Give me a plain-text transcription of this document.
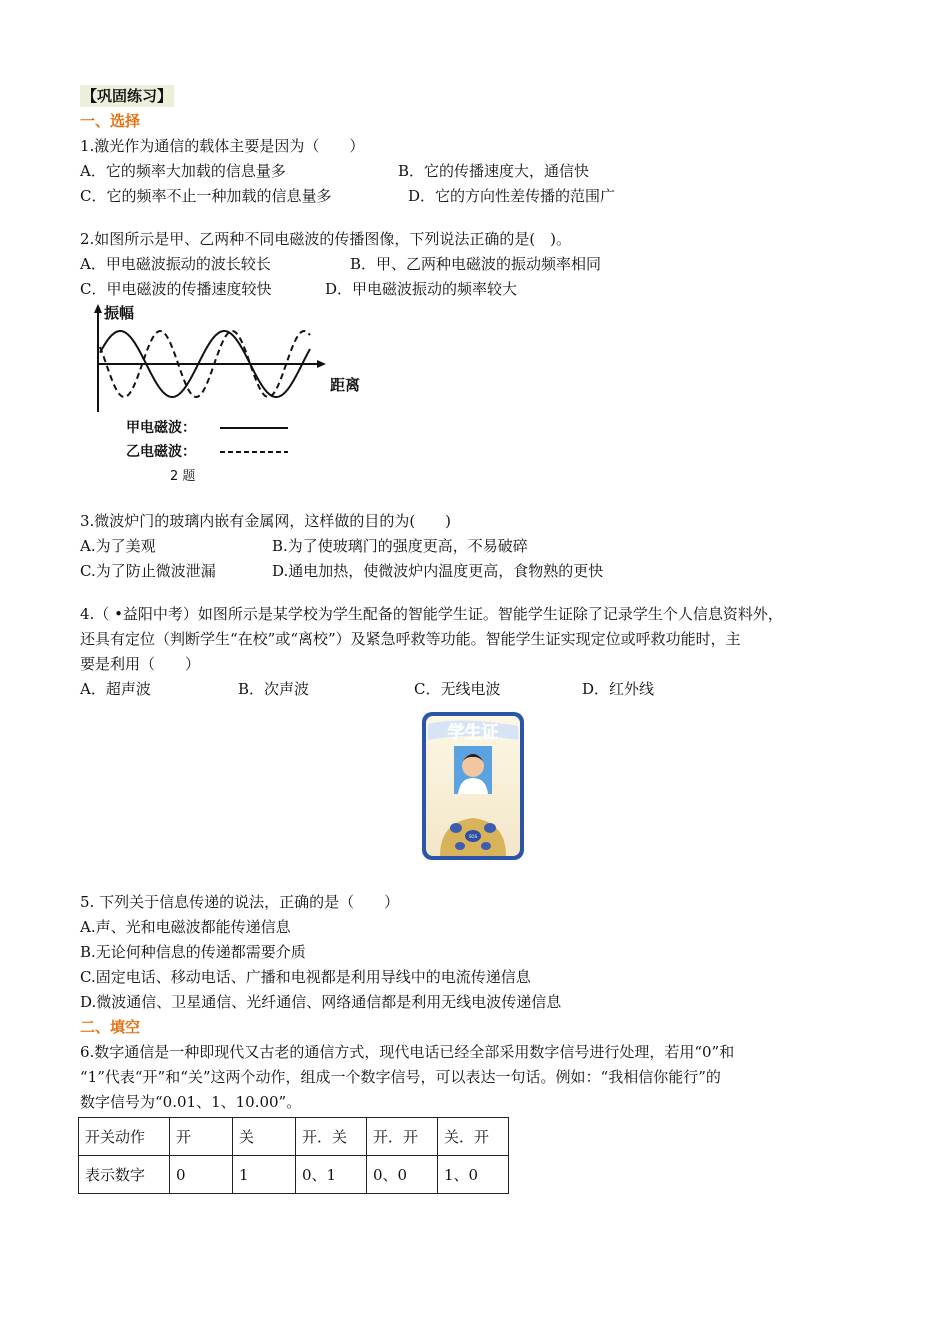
【巩固练习】
一、选择
1.激光作为通信的载体主要是因为（　　）
A．它的频率大加载的信息量多	B．它的传播速度大，通信快
C．它的频率不止一种加载的信息量多	D．它的方向性差传播的范围广
2.如图所示是甲、乙两种不同电磁波的传播图像，下列说法正确的是(　)。
A．甲电磁波振动的波长较长	B．甲、乙两种电磁波的振动频率相同
C．甲电磁波的传播速度较快	D．甲电磁波振动的频率较大
振幅
距离
甲电磁波：
乙电磁波：
2 题
3.微波炉门的玻璃内嵌有金属网，这样做的目的为(　　)
A.为了美观	B.为了使玻璃门的强度更高，不易破碎
C.为了防止微波泄漏	D.通电加热，使微波炉内温度更高，食物熟的更快
4.（ •益阳中考）如图所示是某学校为学生配备的智能学生证。智能学生证除了记录学生个人信息资料外，
还具有定位（判断学生“在校”或“离校”）及紧急呼救等功能。智能学生证实现定位或呼救功能时，主
要是利用（　　）
A．超声波	B．次声波	C．无线电波	D．红外线
学生证
SOS
5. 下列关于信息传递的说法，正确的是（　　）
A.声、光和电磁波都能传递信息
B.无论何种信息的传递都需要介质
C.固定电话、移动电话、广播和电视都是利用导线中的电流传递信息
D.微波通信、卫星通信、光纤通信、网络通信都是利用无线电波传递信息
二、填空
6.数字通信是一种即现代又古老的通信方式，现代电话已经全部采用数字信号进行处理，若用“0”和
“1”代表“开”和“关”这两个动作，组成一个数字信号，可以表达一句话。例如：“我相信你能行”的
数字信号为“0.01、1、10.00”。
开关动作	开	关	开．关	开．开	关．开
表示数字	0	1	0、1	0、0	1、0
